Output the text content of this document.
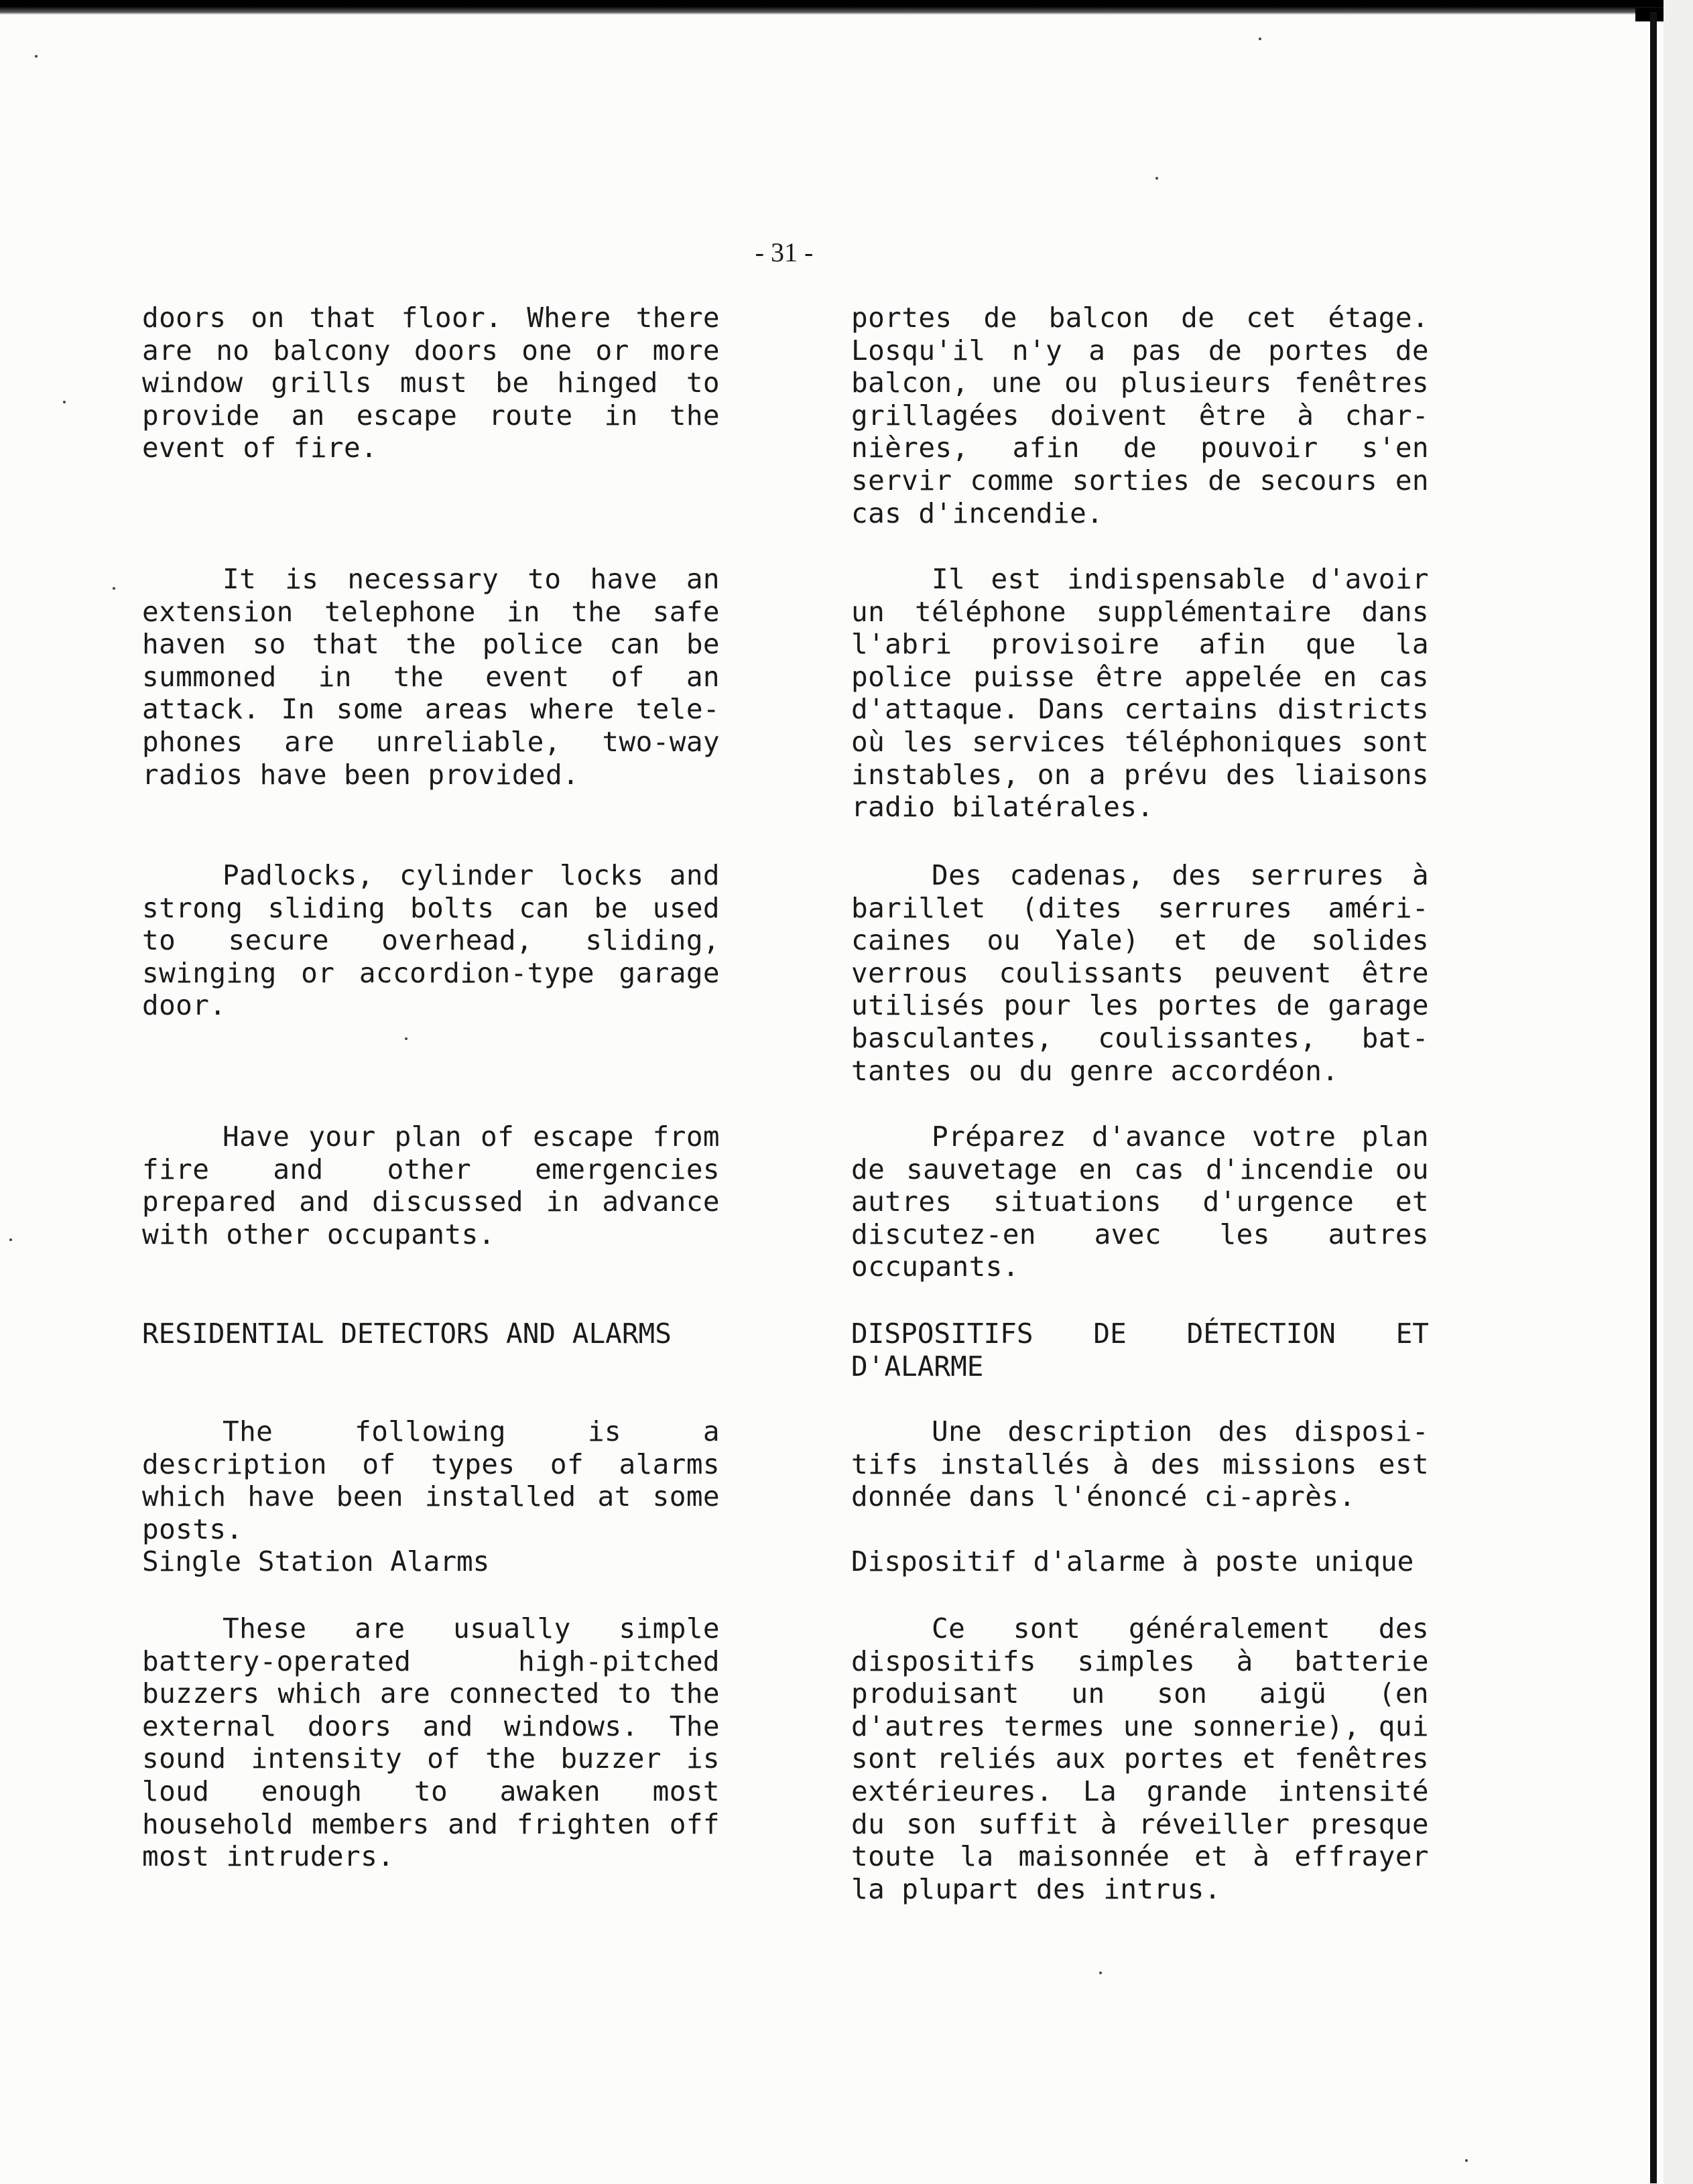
- 31 -
doors on that floor. Where there are no balcony doors one or more window grills must be hinged to provide an escape route in the event of fire.
It is necessary to have an extension telephone in the safe haven so that the police can be summoned in the event of an attack. In some areas where tele-phones are unreliable, two-way radios have been provided.
Padlocks, cylinder locks and strong sliding bolts can be used to secure overhead, sliding, swinging or accordion-type garage door.
Have your plan of escape from fire and other emergencies prepared and discussed in advance with other occupants.
RESIDENTIAL DETECTORS AND ALARMS
The following is a description of types of alarms which have been installed at some posts.
Single Station Alarms
These are usually simple battery-operated high-pitched buzzers which are connected to the external doors and windows. The sound intensity of the buzzer is loud enough to awaken most household members and frighten off most intruders.
portes de balcon de cet étage. Losqu'il n'y a pas de portes de balcon, une ou plusieurs fenêtres grillagées doivent être à char-nières, afin de pouvoir s'en servir comme sorties de secours en cas d'incendie.
Il est indispensable d'avoir un téléphone supplémentaire dans l'abri provisoire afin que la police puisse être appelée en cas d'attaque. Dans certains districts où les services téléphoniques sont instables, on a prévu des liaisons radio bilatérales.
Des cadenas, des serrures à barillet (dites serrures améri-caines ou Yale) et de solides verrous coulissants peuvent être utilisés pour les portes de garage basculantes, coulissantes, bat-tantes ou du genre accordéon.
Préparez d'avance votre plan de sauvetage en cas d'incendie ou autres situations d'urgence et discutez-en avec les autres occupants.
DISPOSITIFS DE DÉTECTION ET D'ALARME
Une description des disposi-tifs installés à des missions est donnée dans l'énoncé ci-après.
Dispositif d'alarme à poste unique
Ce sont généralement des dispositifs simples à batterie produisant un son aigü (en d'autres termes une sonnerie), qui sont reliés aux portes et fenêtres extérieures. La grande intensité du son suffit à réveiller presque toute la maisonnée et à effrayer la plupart des intrus.
